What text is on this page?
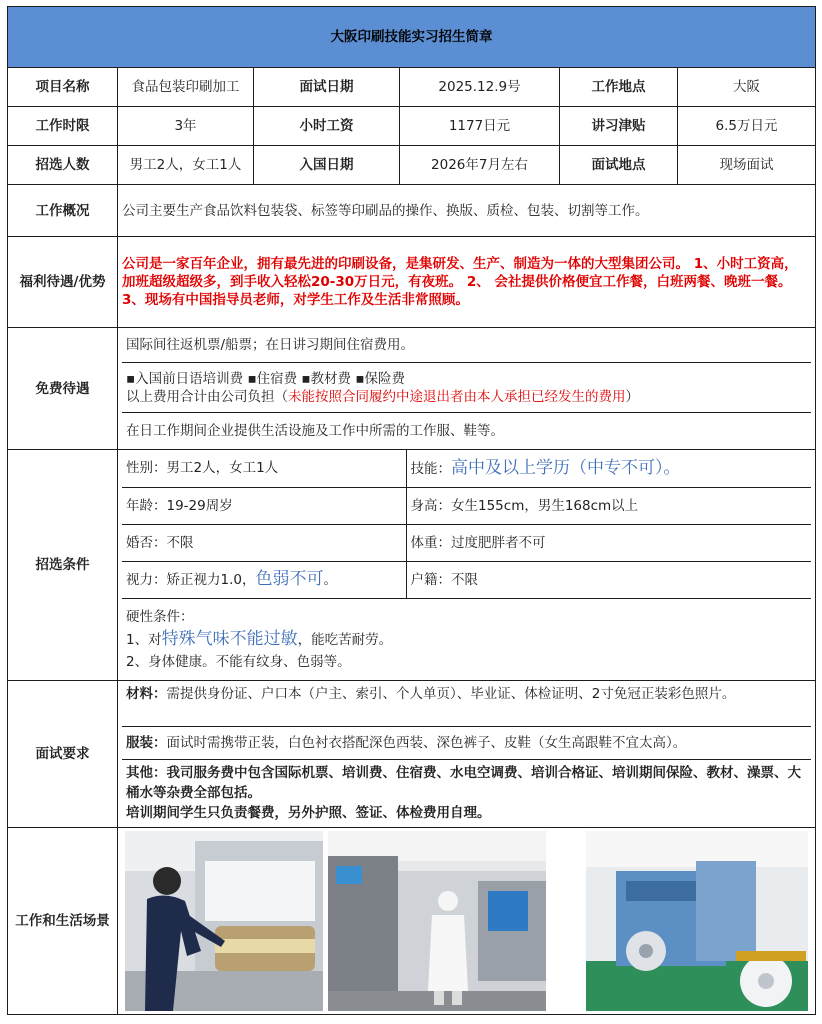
大阪印刷技能实习招生简章
项目名称	食品包装印刷加工	面试日期	2025.12.9号	工作地点	大阪
工作时限	3年	小时工资	1177日元	讲习津贴	6.5万日元
招选人数	男工2人，女工1人	入国日期	2026年7月左右	面试地点	现场面试
工作概况	公司主要生产食品饮料包装袋、标签等印刷品的操作、换版、质检、包装、切割等工作。
福利待遇/优势	公司是一家百年企业，拥有最先进的印刷设备，是集研发、生产、制造为一体的大型集团公司。 1、小时工资高，加班超级超级多，到手收入轻松20-30万日元，有夜班。 2、 会社提供价格便宜工作餐，白班两餐、晚班一餐。 3、现场有中国指导员老师，对学生工作及生活非常照顾。
免费待遇	
国际间往返机票/船票；在日讲习期间住宿费用。

▪入国前日语培训费 ▪住宿费 ▪教材费 ▪保险费
以上费用合计由公司负担（未能按照合同履约中途退出者由本人承担已经发生的费用）

在日工作期间企业提供生活设施及工作中所需的工作服、鞋等。

招选条件	
性别：男工2人，女工1人	技能：高中及以上学历（中专不可）。
年龄：19-29周岁	身高：女生155cm，男生168cm以上
婚否：不限	体重：过度肥胖者不可
视力：矫正视力1.0，色弱不可。	户籍：不限

硬性条件：
1、对特殊气味不能过敏，能吃苦耐劳。
2、身体健康。不能有纹身、色弱等。

面试要求	
材料：需提供身份证、户口本（户主、索引、个人单页）、毕业证、体检证明、2寸免冠正装彩色照片。
服装：面试时需携带正装，白色衬衣搭配深色西装、深色裤子、皮鞋（女生高跟鞋不宜太高）。

其他：我司服务费中包含国际机票、培训费、住宿费、水电空调费、培训合格证、培训期间保险、教材、澡票、大桶水等杂费全部包括。
培训期间学生只负责餐费，另外护照、签证、体检费用自理。

工作和生活场景	
